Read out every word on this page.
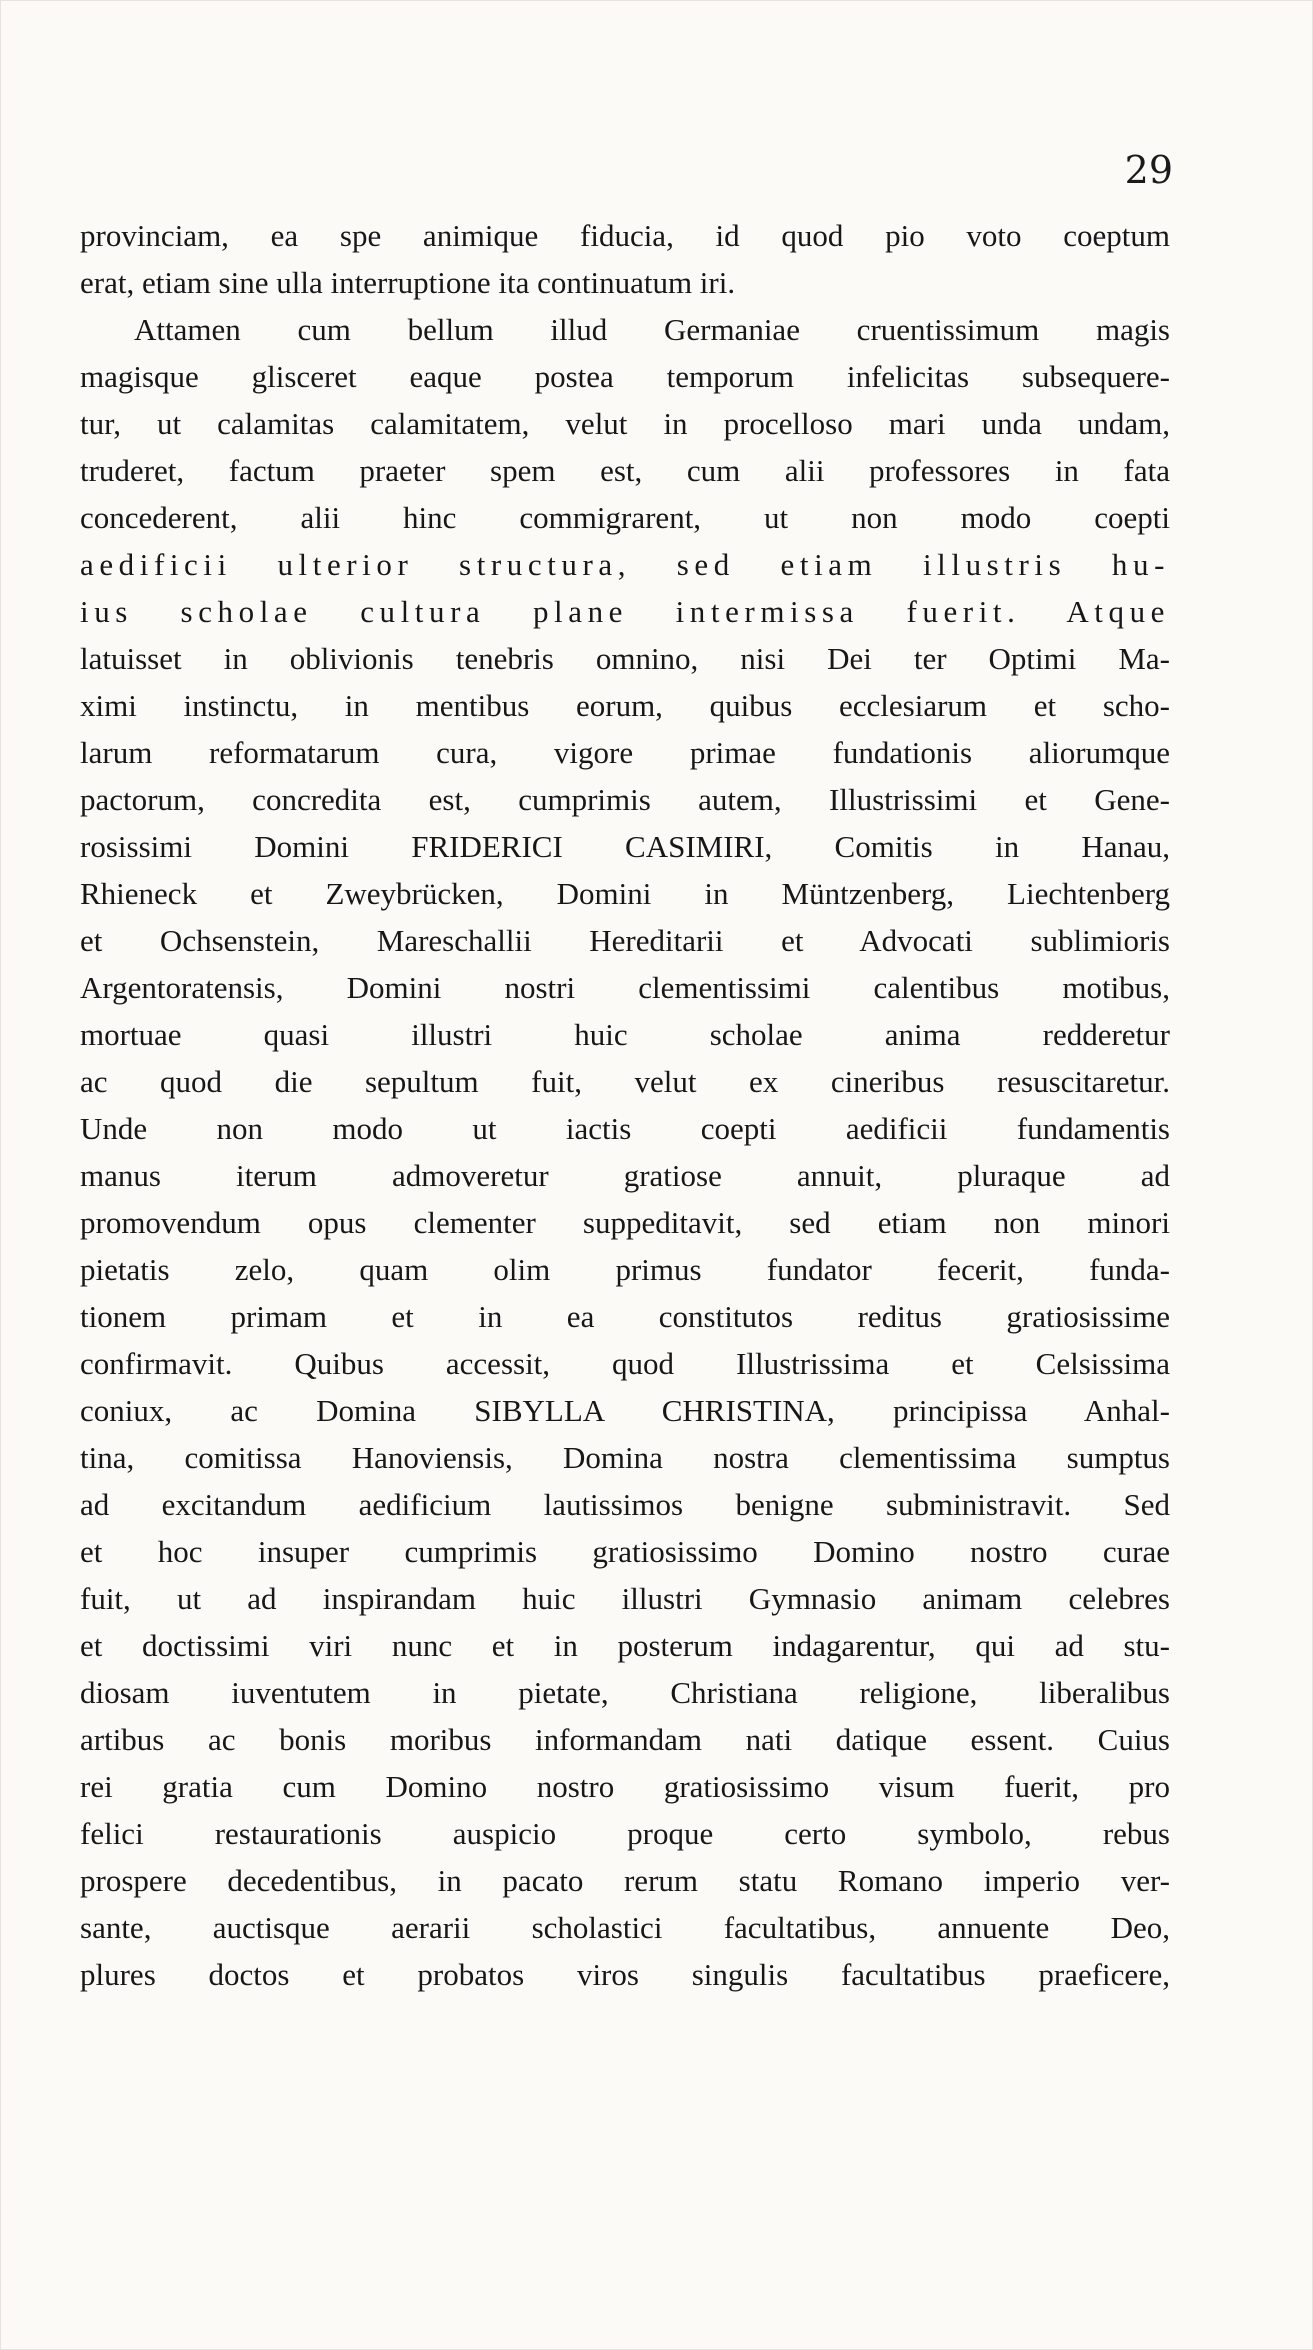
29
provinciam, ea spe animique fiducia, id quod pio voto coeptum
erat, etiam sine ulla interruptione ita continuatum iri.
Attamen cum bellum illud Germaniae cruentissimum magis
magisque glisceret eaque postea temporum infelicitas subsequere-
tur, ut calamitas calamitatem, velut in procelloso mari unda undam,
truderet, factum praeter spem est, cum alii professores in fata
concederent, alii hinc commigrarent, ut non modo coepti
aedificii ulterior structura, sed etiam illustris hu-
ius scholae cultura plane intermissa fuerit. Atque
latuisset in oblivionis tenebris omnino, nisi Dei ter Optimi Ma-
ximi instinctu, in mentibus eorum, quibus ecclesiarum et scho-
larum reformatarum cura, vigore primae fundationis aliorumque
pactorum, concredita est, cumprimis autem, Illustrissimi et Gene-
rosissimi Domini FRIDERICI CASIMIRI, Comitis in Hanau,
Rhieneck et Zweybrücken, Domini in Müntzenberg, Liechtenberg
et Ochsenstein, Mareschallii Hereditarii et Advocati sublimioris
Argentoratensis, Domini nostri clementissimi calentibus motibus,
mortuae quasi illustri huic scholae anima redderetur
ac quod die sepultum fuit, velut ex cineribus resuscitaretur.
Unde non modo ut iactis coepti aedificii fundamentis
manus iterum admoveretur gratiose annuit, pluraque ad
promovendum opus clementer suppeditavit, sed etiam non minori
pietatis zelo, quam olim primus fundator fecerit, funda-
tionem primam et in ea constitutos reditus gratiosissime
confirmavit. Quibus accessit, quod Illustrissima et Celsissima
coniux, ac Domina SIBYLLA CHRISTINA, principissa Anhal-
tina, comitissa Hanoviensis, Domina nostra clementissima sumptus
ad excitandum aedificium lautissimos benigne subministravit. Sed
et hoc insuper cumprimis gratiosissimo Domino nostro curae
fuit, ut ad inspirandam huic illustri Gymnasio animam celebres
et doctissimi viri nunc et in posterum indagarentur, qui ad stu-
diosam iuventutem in pietate, Christiana religione, liberalibus
artibus ac bonis moribus informandam nati datique essent. Cuius
rei gratia cum Domino nostro gratiosissimo visum fuerit, pro
felici restaurationis auspicio proque certo symbolo, rebus
prospere decedentibus, in pacato rerum statu Romano imperio ver-
sante, auctisque aerarii scholastici facultatibus, annuente Deo,
plures doctos et probatos viros singulis facultatibus praeficere,
